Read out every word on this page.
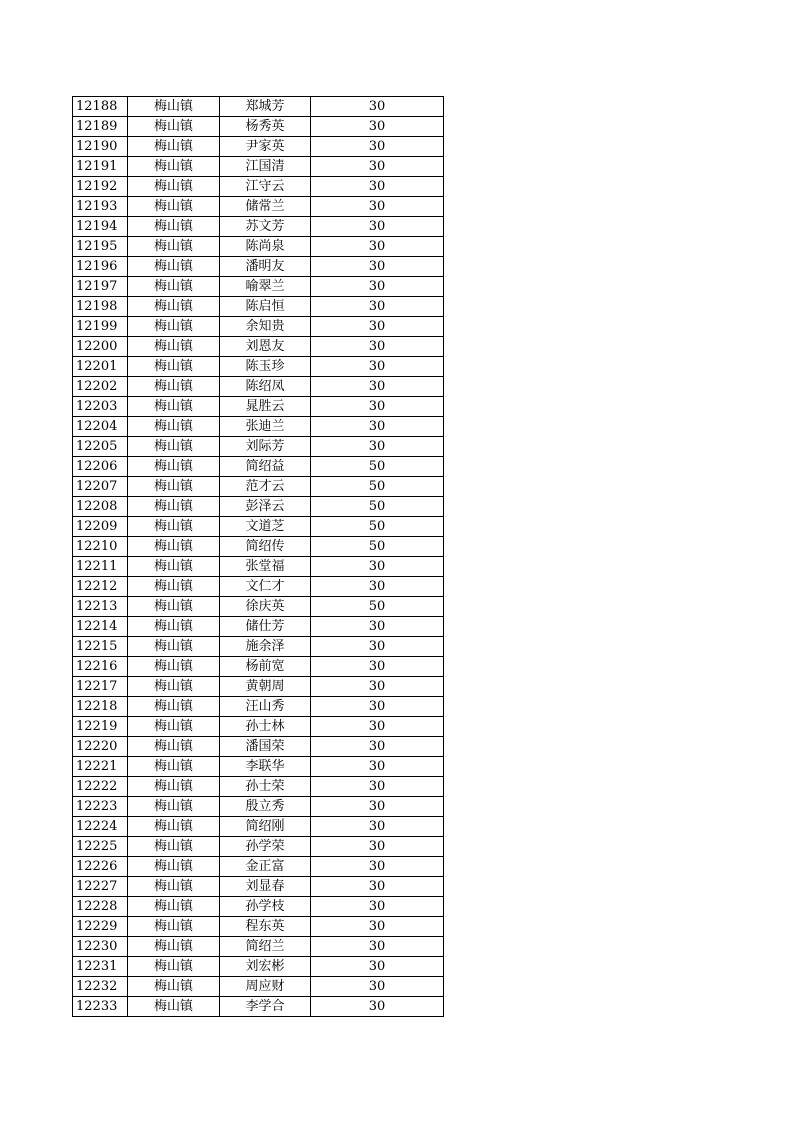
12188	梅山镇	郑城芳	30
12189	梅山镇	杨秀英	30
12190	梅山镇	尹家英	30
12191	梅山镇	江国清	30
12192	梅山镇	江守云	30
12193	梅山镇	储常兰	30
12194	梅山镇	苏文芳	30
12195	梅山镇	陈尚泉	30
12196	梅山镇	潘明友	30
12197	梅山镇	喻翠兰	30
12198	梅山镇	陈启恒	30
12199	梅山镇	余知贵	30
12200	梅山镇	刘恩友	30
12201	梅山镇	陈玉珍	30
12202	梅山镇	陈绍凤	30
12203	梅山镇	晁胜云	30
12204	梅山镇	张迪兰	30
12205	梅山镇	刘际芳	30
12206	梅山镇	简绍益	50
12207	梅山镇	范才云	50
12208	梅山镇	彭泽云	50
12209	梅山镇	文道芝	50
12210	梅山镇	简绍传	50
12211	梅山镇	张堂福	30
12212	梅山镇	文仁才	30
12213	梅山镇	徐庆英	50
12214	梅山镇	储仕芳	30
12215	梅山镇	施余泽	30
12216	梅山镇	杨前宽	30
12217	梅山镇	黄朝周	30
12218	梅山镇	汪山秀	30
12219	梅山镇	孙士林	30
12220	梅山镇	潘国荣	30
12221	梅山镇	李联华	30
12222	梅山镇	孙士荣	30
12223	梅山镇	殷立秀	30
12224	梅山镇	简绍刚	30
12225	梅山镇	孙学荣	30
12226	梅山镇	金正富	30
12227	梅山镇	刘显春	30
12228	梅山镇	孙学枝	30
12229	梅山镇	程东英	30
12230	梅山镇	简绍兰	30
12231	梅山镇	刘宏彬	30
12232	梅山镇	周应财	30
12233	梅山镇	李学合	30
